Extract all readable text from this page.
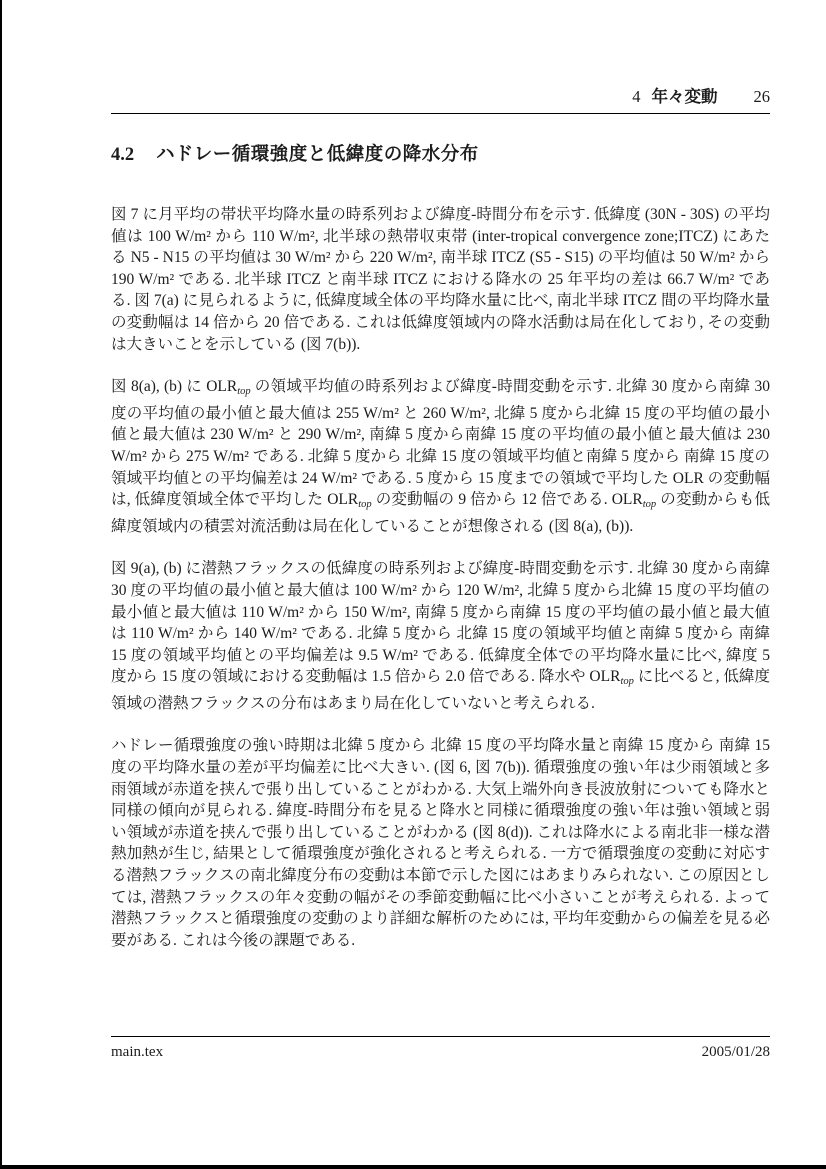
4 年々変動 26
4.2 ハドレー循環強度と低緯度の降水分布

図 7 に月平均の帯状平均降水量の時系列および緯度-時間分布を示す. 低緯度 (30N - 30S) の平均値は 100 W/m² から 110 W/m², 北半球の熱帯収束帯 (inter-tropical convergence zone;ITCZ) にあたる N5 - N15 の平均値は 30 W/m² から 220 W/m², 南半球 ITCZ (S5 - S15) の平均値は 50 W/m² から 190 W/m² である. 北半球 ITCZ と南半球 ITCZ における降水の 25 年平均の差は 66.7 W/m² である. 図 7(a) に見られるように, 低緯度域全体の平均降水量に比べ, 南北半球 ITCZ 間の平均降水量の変動幅は 14 倍から 20 倍である. これは低緯度領域内の降水活動は局在化しており, その変動は大きいことを示している (図 7(b)).

図 8(a), (b) に $OLR_{top}$ の領域平均値の時系列および緯度-時間変動を示す. 北緯 30 度から南緯 30 度の平均値の最小値と最大値は 255 W/m² と 260 W/m², 北緯 5 度から北緯 15 度の平均値の最小値と最大値は 230 W/m² と 290 W/m², 南緯 5 度から南緯 15 度の平均値の最小値と最大値は 230 W/m² から 275 W/m² である. 北緯 5 度から 北緯 15 度の領域平均値と南緯 5 度から 南緯 15 度の領域平均値との平均偏差は 24 W/m² である. 5 度から 15 度までの領域で平均した OLR の変動幅は, 低緯度領域全体で平均した $OLR_{top}$ の変動幅の 9 倍から 12 倍である. $OLR_{top}$ の変動からも低緯度領域内の積雲対流活動は局在化していることが想像される (図 8(a), (b)).

図 9(a), (b) に潜熱フラックスの低緯度の時系列および緯度-時間変動を示す. 北緯 30 度から南緯 30 度の平均値の最小値と最大値は 100 W/m² から 120 W/m², 北緯 5 度から北緯 15 度の平均値の最小値と最大値は 110 W/m² から 150 W/m², 南緯 5 度から南緯 15 度の平均値の最小値と最大値は 110 W/m² から 140 W/m² である. 北緯 5 度から 北緯 15 度の領域平均値と南緯 5 度から 南緯 15 度の領域平均値との平均偏差は 9.5 W/m² である. 低緯度全体での平均降水量に比べ, 緯度 5 度から 15 度の領域における変動幅は 1.5 倍から 2.0 倍である. 降水や $OLR_{top}$ に比べると, 低緯度領域の潜熱フラックスの分布はあまり局在化していないと考えられる.

ハドレー循環強度の強い時期は北緯 5 度から 北緯 15 度の平均降水量と南緯 15 度から 南緯 15 度の平均降水量の差が平均偏差に比べ大きい. (図 6, 図 7(b)). 循環強度の強い年は少雨領域と多雨領域が赤道を挟んで張り出していることがわかる. 大気上端外向き長波放射についても降水と同様の傾向が見られる. 緯度-時間分布を見ると降水と同様に循環強度の強い年は強い領域と弱い領域が赤道を挟んで張り出していることがわかる (図 8(d)). これは降水による南北非一様な潜熱加熱が生じ, 結果として循環強度が強化されると考えられる. 一方で循環強度の変動に対応する潜熱フラックスの南北緯度分布の変動は本節で示した図にはあまりみられない. この原因としては, 潜熱フラックスの年々変動の幅がその季節変動幅に比べ小さいことが考えられる. よって潜熱フラックスと循環強度の変動のより詳細な解析のためには, 平均年変動からの偏差を見る必要がある. これは今後の課題である.

main.tex	2005/01/28
